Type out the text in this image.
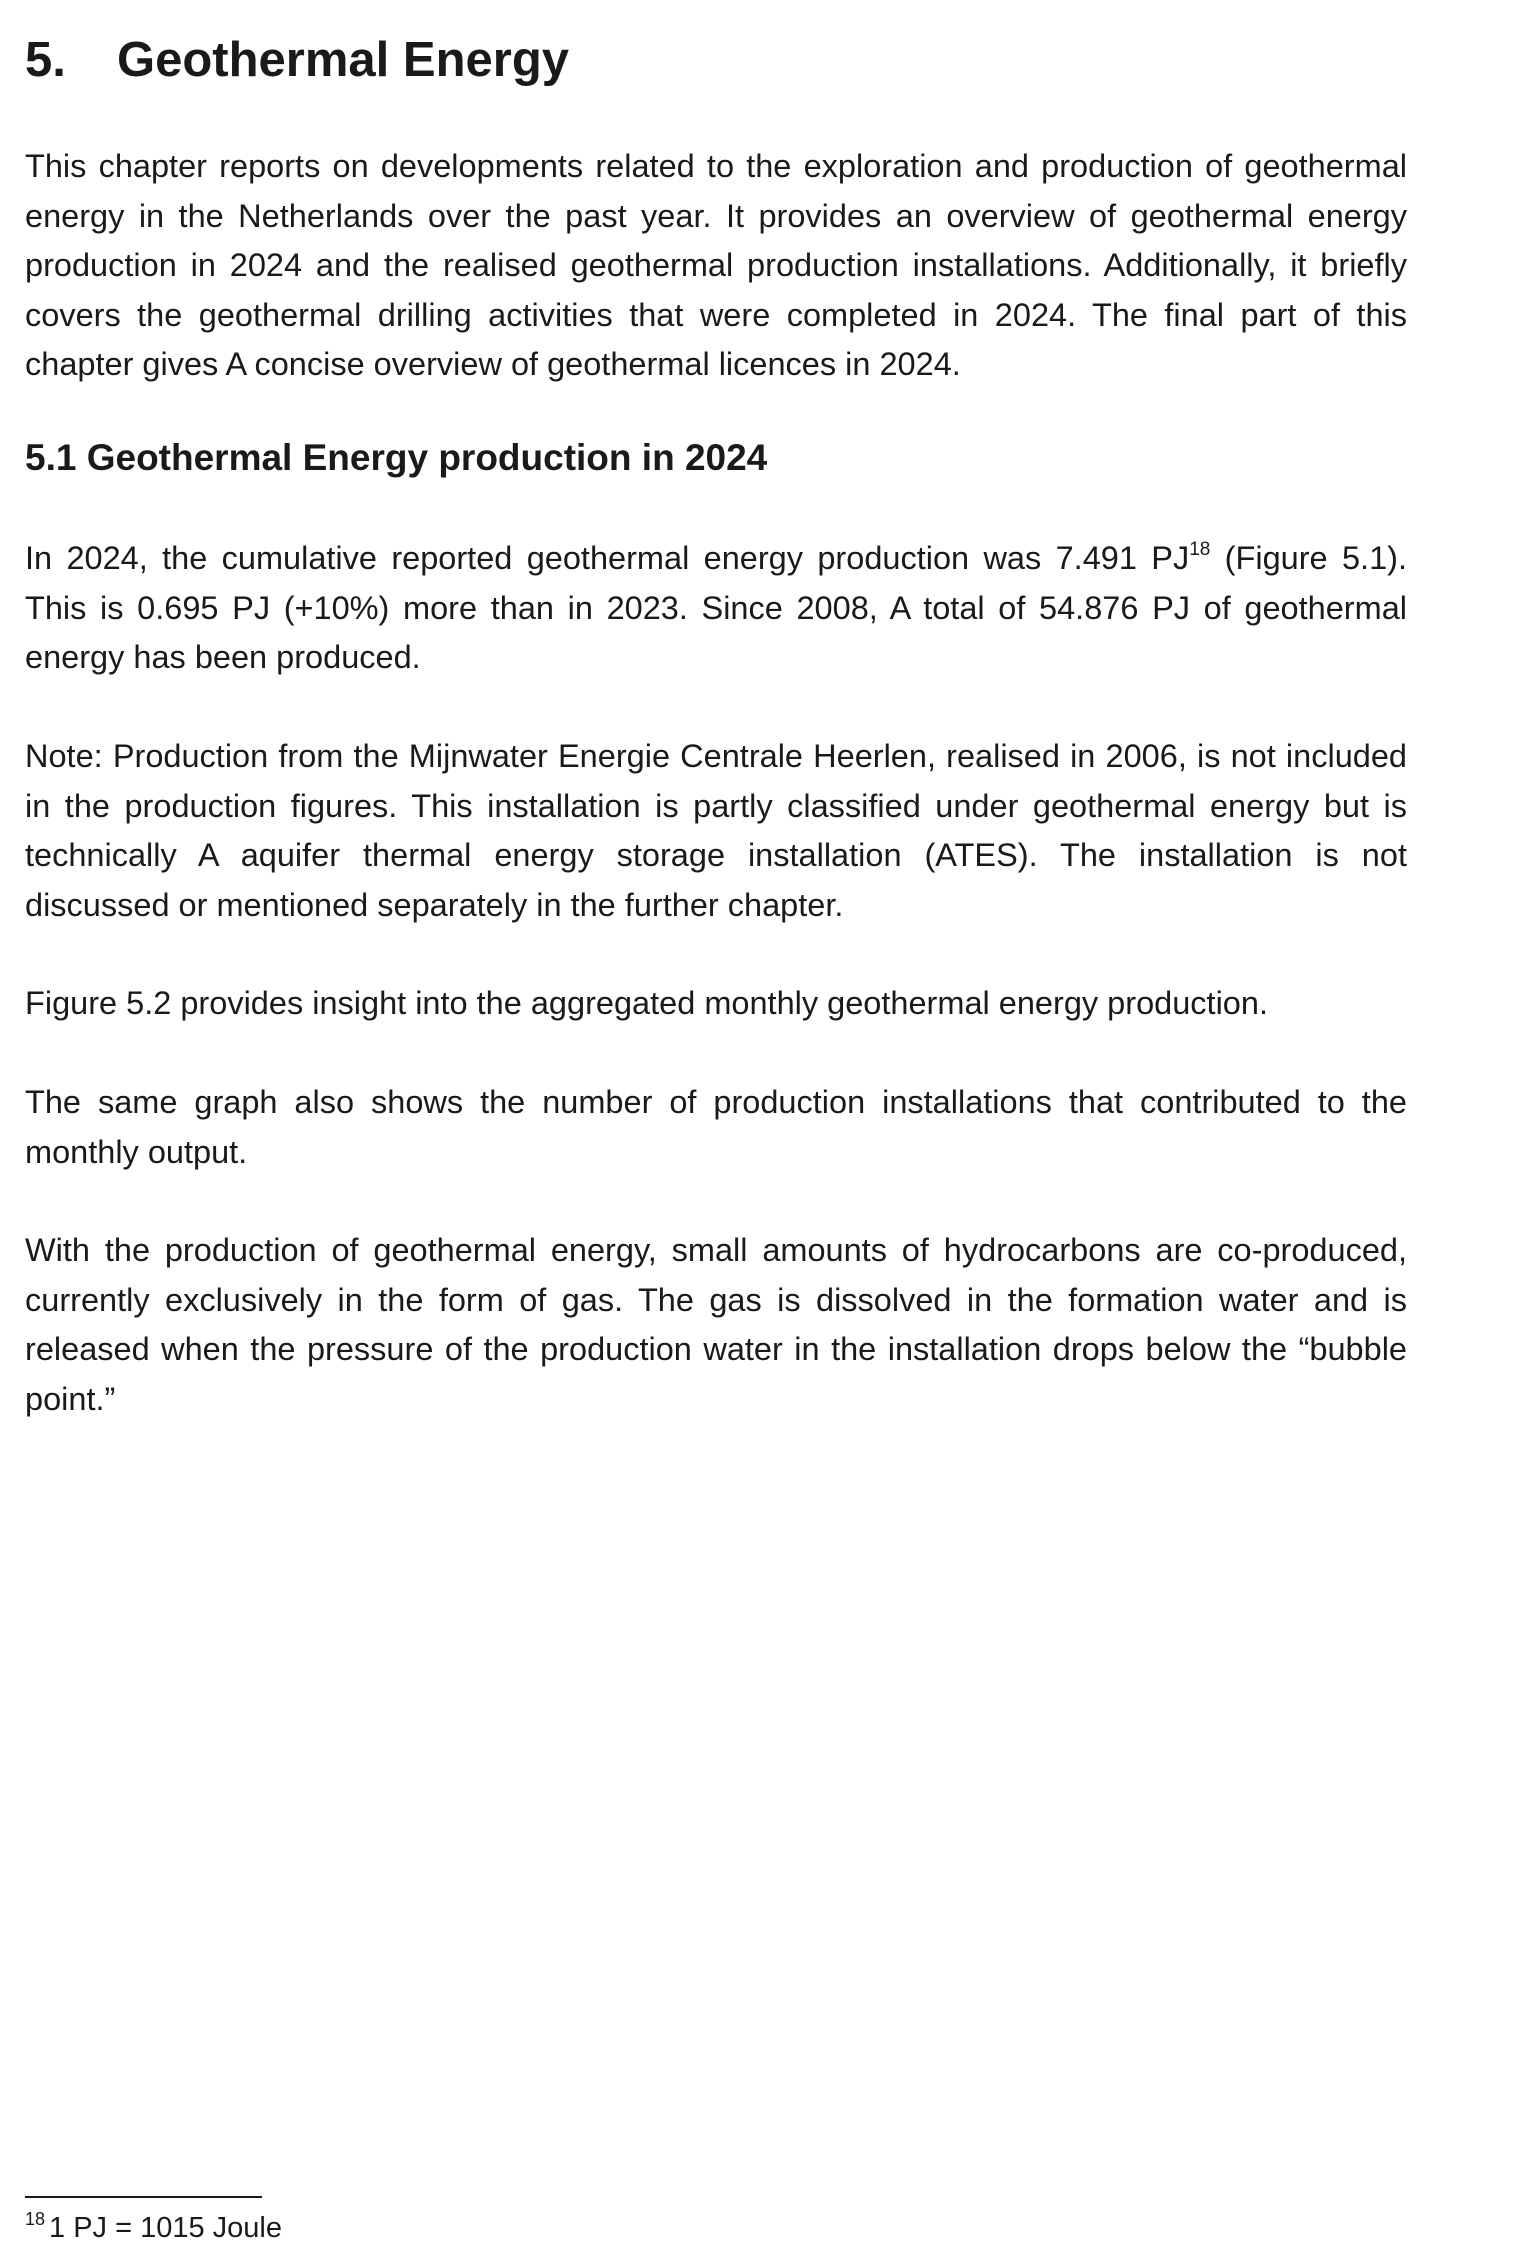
5. Geothermal Energy

This chapter reports on developments related to the exploration and production of geothermal energy in the Netherlands over the past year. It provides an overview of geothermal energy production in 2024 and the realised geothermal production installations. Additionally, it briefly covers the geothermal drilling activities that were completed in 2024. The final part of this chapter gives A concise overview of geothermal licences in 2024.

5.1 Geothermal Energy production in 2024

In 2024, the cumulative reported geothermal energy production was 7.491 PJ$^{18}$ (Figure 5.1). This is 0.695 PJ (+10%) more than in 2023. Since 2008, A total of 54.876 PJ of geothermal energy has been produced.

Note: Production from the Mijnwater Energie Centrale Heerlen, realised in 2006, is not included in the production figures. This installation is partly classified under geothermal energy but is technically A aquifer thermal energy storage installation (ATES). The installation is not discussed or mentioned separately in the further chapter.

Figure 5.2 provides insight into the aggregated monthly geothermal energy production.

The same graph also shows the number of production installations that contributed to the monthly output.

With the production of geothermal energy, small amounts of hydrocarbons are co-produced, currently exclusively in the form of gas. The gas is dissolved in the formation water and is released when the pressure of the production water in the installation drops below the “bubble point.”

$^{18}$ 1 PJ = 1015 Joule
